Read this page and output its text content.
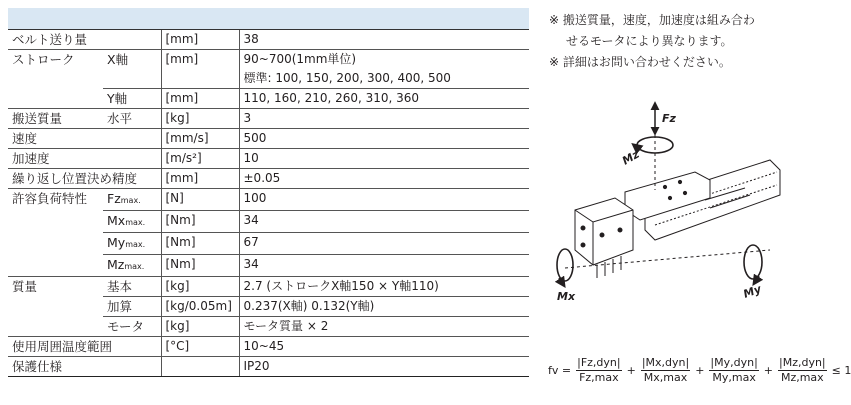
ベルト送り量		[mm]	38
ストローク	X軸	[mm]	90~700(1mm単位)
標準: 100, 150, 200, 300, 400, 500

	Y軸	[mm]	110, 160, 210, 260, 310, 360
搬送質量	水平	[kg]	3
速度		[mm/s]	500
加速度		[m/s²]	10
繰り返し位置決め精度		[mm]	±0.05
許容負荷特性	Fzmax.	[N]	100
	Mxmax.	[Nm]	34
	Mymax.	[Nm]	67
	Mzmax.	[Nm]	34
質量	基本	[kg]	2.7 (ストロークX軸150 × Y軸110)
	加算	[kg/0.05m]	0.237(X軸) 0.132(Y軸)
	モータ	[kg]	モータ質量 × 2
使用周囲温度範囲		[°C]	10~45
保護仕様			IP20
※ 搬送質量，速度，加速度は組み合わ
せるモータにより異なります。
※ 詳細はお問い合わせください。
Fz
Mz
Mx	My
fv = $\frac{\text{|Fz,dyn|}}{Fz,\max} + \frac{\text{|Mx,dyn|}}{Mx,\max} + \frac{\text{|My,dyn|}}{My,\max} + \frac{\text{|Mz,dyn|}}{Mz,\max} \le 1$
